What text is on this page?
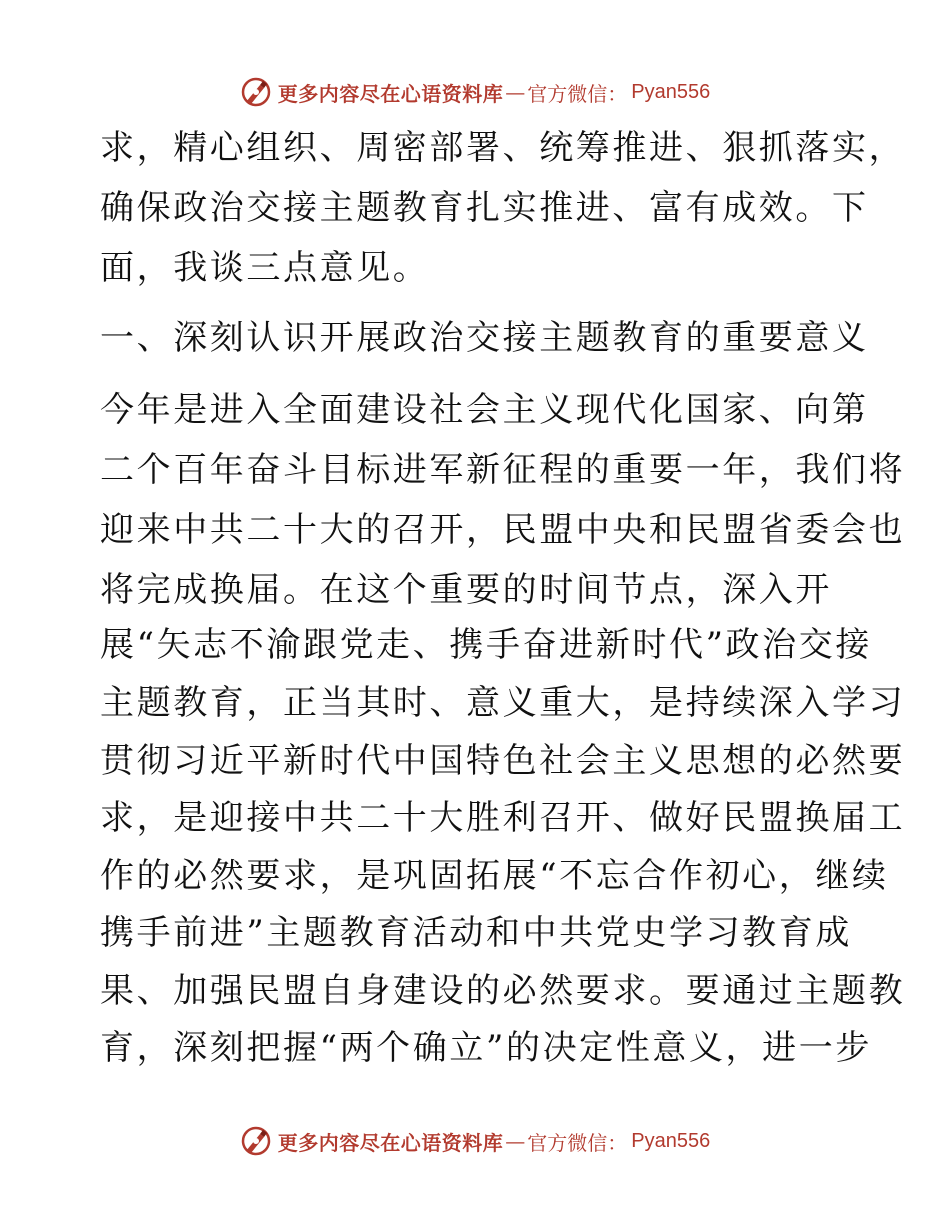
更多内容尽在心语资料库 — 官方微信： Pyan556
求，精心组织、周密部署、统筹推进、狠抓落实，
确保政治交接主题教育扎实推进、富有成效。下
面，我谈三点意见。
一、深刻认识开展政治交接主题教育的重要意义
今年是进入全面建设社会主义现代化国家、向第
二个百年奋斗目标进军新征程的重要一年，我们将
迎来中共二十大的召开，民盟中央和民盟省委会也
将完成换届。在这个重要的时间节点，深入开
展“矢志不渝跟党走、携手奋进新时代”政治交接
主题教育，正当其时、意义重大，是持续深入学习
贯彻习近平新时代中国特色社会主义思想的必然要
求，是迎接中共二十大胜利召开、做好民盟换届工
作的必然要求，是巩固拓展“不忘合作初心，继续
携手前进”主题教育活动和中共党史学习教育成
果、加强民盟自身建设的必然要求。要通过主题教
育，深刻把握“两个确立”的决定性意义，进一步
更多内容尽在心语资料库 — 官方微信： Pyan556
